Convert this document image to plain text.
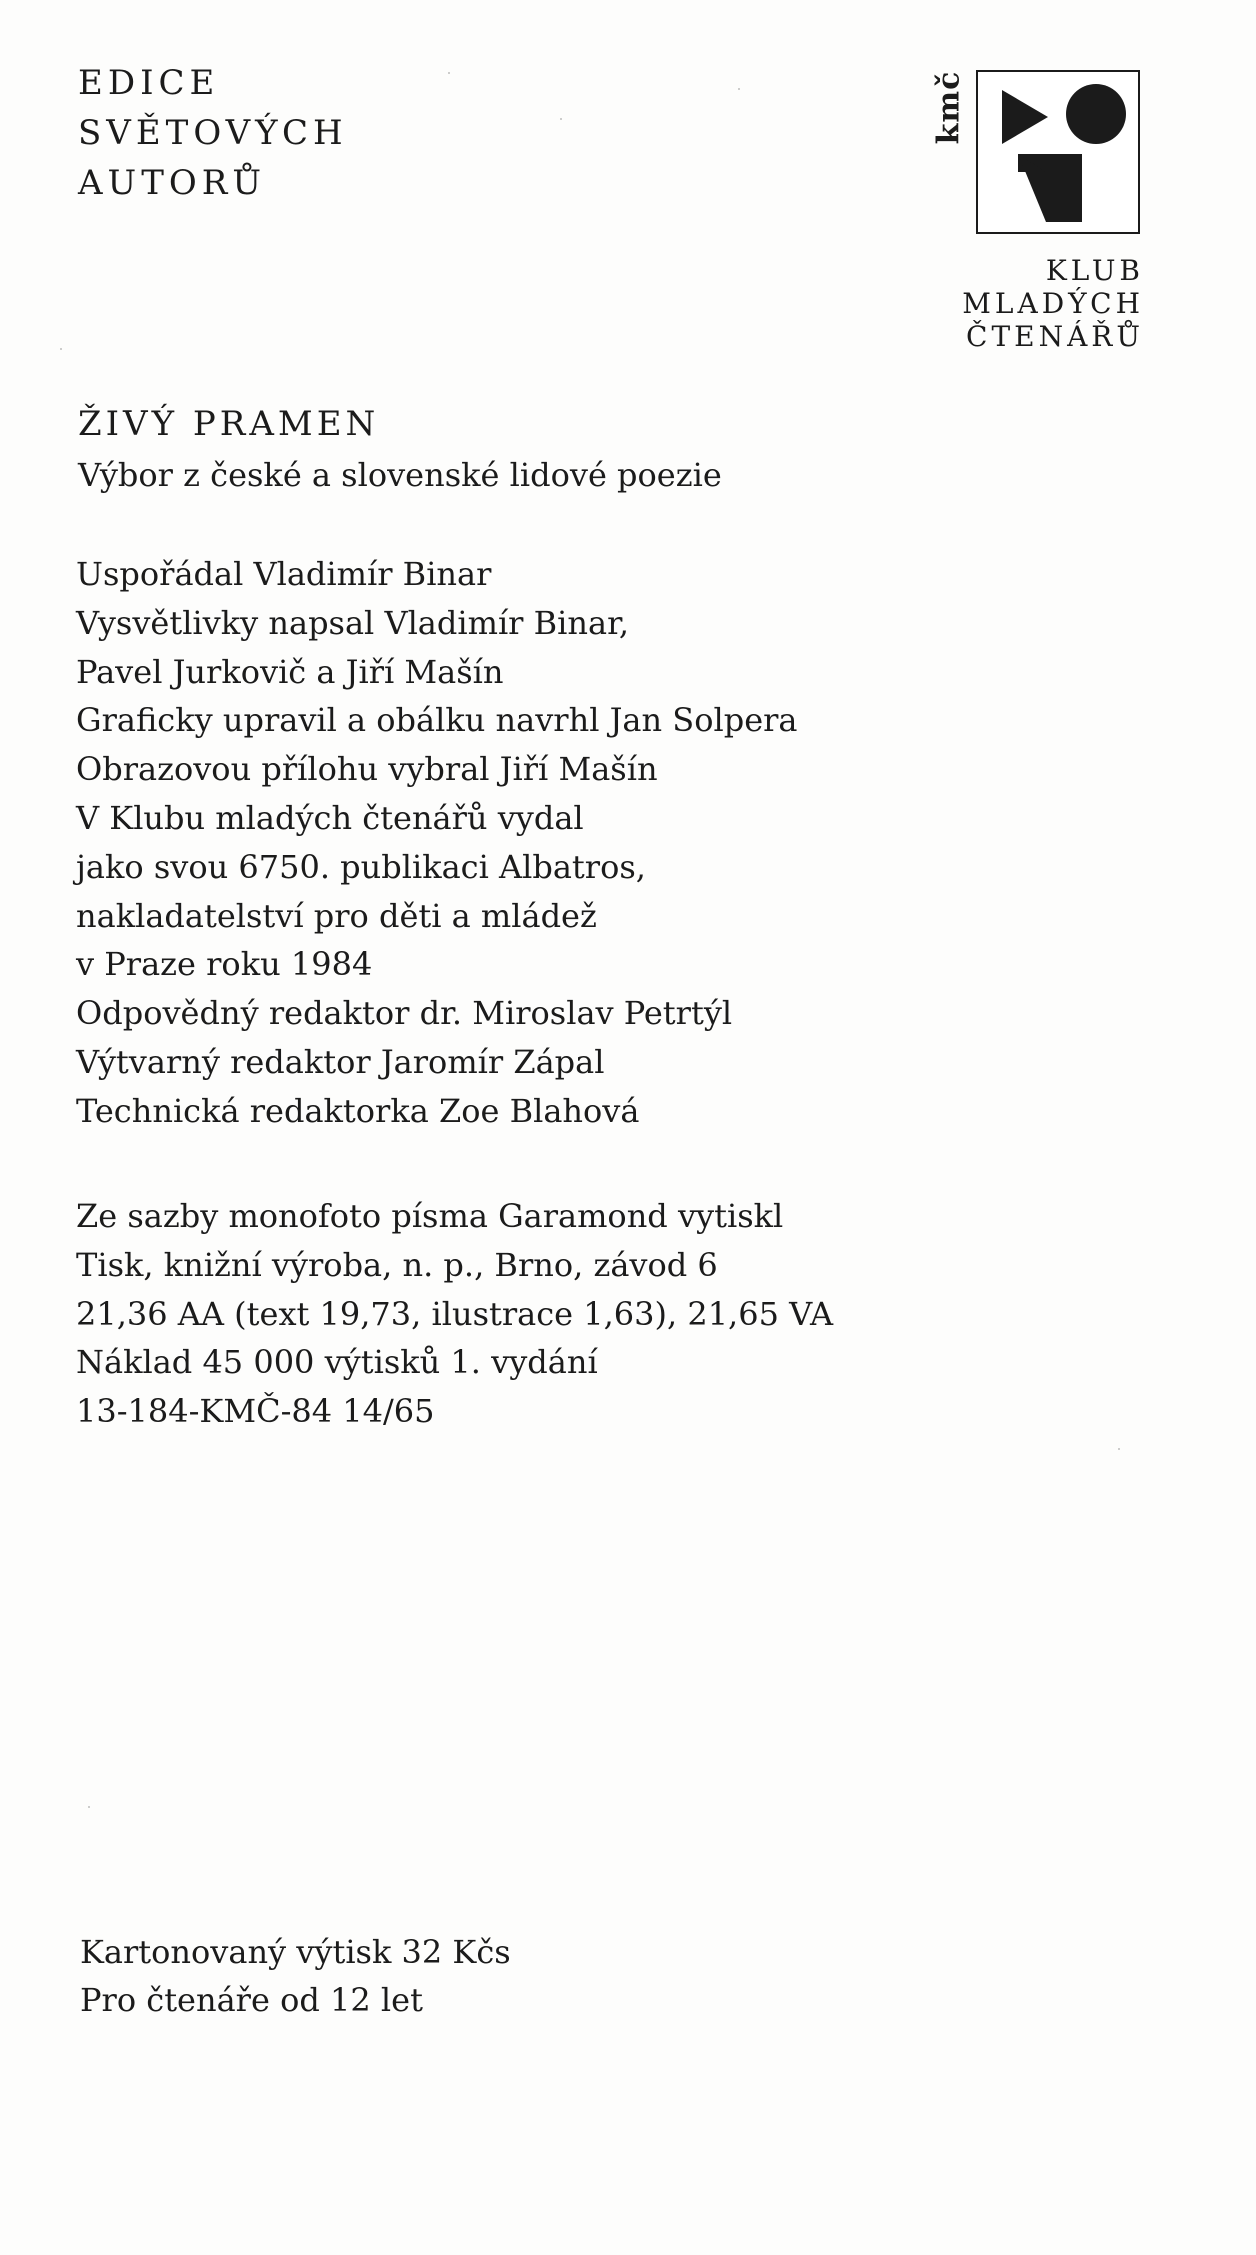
EDICE
SVĚTOVÝCH
AUTORŮ
kmč
KLUB
MLADÝCH
ČTENÁŘŮ
ŽIVÝ PRAMEN
Výbor z české a slovenské lidové poezie
Uspořádal Vladimír Binar
Vysvětlivky napsal Vladimír Binar,
Pavel Jurkovič a Jiří Mašín
Graficky upravil a obálku navrhl Jan Solpera
Obrazovou přílohu vybral Jiří Mašín
V Klubu mladých čtenářů vydal
jako svou 6750. publikaci Albatros,
nakladatelství pro děti a mládež
v Praze roku 1984
Odpovědný redaktor dr. Miroslav Petrtýl
Výtvarný redaktor Jaromír Zápal
Technická redaktorka Zoe Blahová
Ze sazby monofoto písma Garamond vytiskl
Tisk, knižní výroba, n. p., Brno, závod 6
21,36 AA (text 19,73, ilustrace 1,63), 21,65 VA
Náklad 45 000 výtisků 1. vydání
13-184-KMČ-84 14/65
Kartonovaný výtisk 32 Kčs
Pro čtenáře od 12 let
